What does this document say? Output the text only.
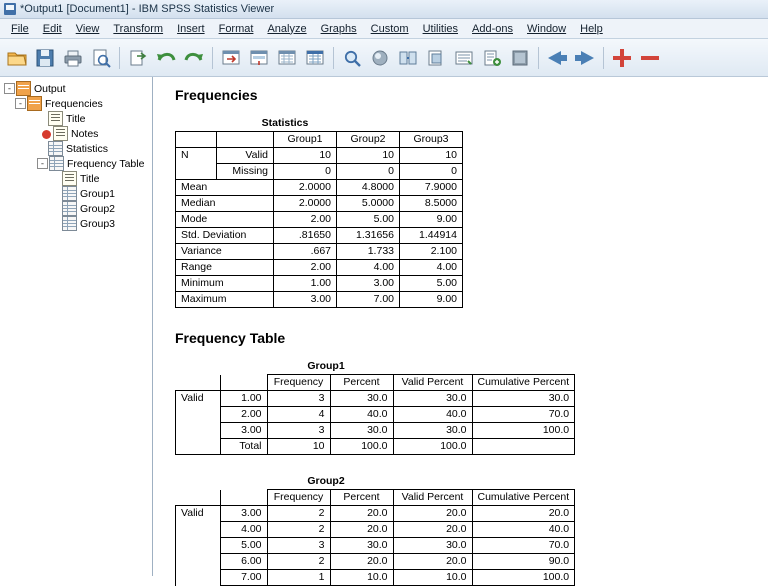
*Output1 [Document1] - IBM SPSS Statistics Viewer
File	Edit	View	Transform	Insert	Format	Analyze	Graphs	Custom	Utilities	Add-ons	Window	Help
- Output
- Frequencies
Title
Notes
Statistics
- Frequency Table
Title
Group1
Group2
Group3
Frequencies
Statistics
		Group1	Group2	Group3
N	Valid	10	10	10
	Missing	0	0	0
Mean		2.0000	4.8000	7.9000
Median		2.0000	5.0000	8.5000
Mode		2.00	5.00	9.00
Std. Deviation		.81650	1.31656	1.44914
Variance		.667	1.733	2.100
Range		2.00	4.00	4.00
Minimum		1.00	3.00	5.00
Maximum		3.00	7.00	9.00
Frequency Table
Group1
		Frequency	Percent	Valid Percent	Cumulative Percent
Valid	1.00	3	30.0	30.0	30.0
	2.00	4	40.0	40.0	70.0
	3.00	3	30.0	30.0	100.0
	Total	10	100.0	100.0	
Group2
		Frequency	Percent	Valid Percent	Cumulative Percent
Valid	3.00	2	20.0	20.0	20.0
	4.00	2	20.0	20.0	40.0
	5.00	3	30.0	30.0	70.0
	6.00	2	20.0	20.0	90.0
	7.00	1	10.0	10.0	100.0
